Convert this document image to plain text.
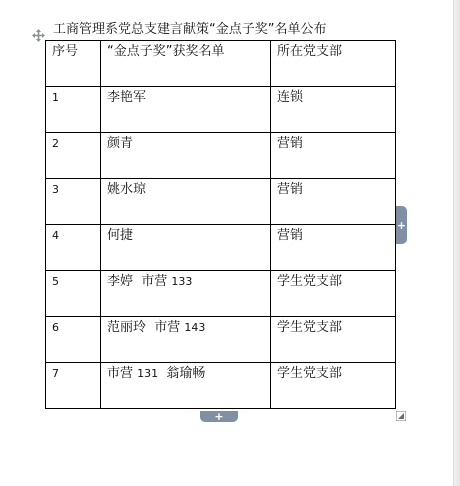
工商管理系党总支建言献策“金点子奖”名单公布
序号	“金点子奖”获奖名单	所在党支部
1	李艳军	连锁
2	颜青	营销
3	姚水琼	营销
4	何捷	营销
5	李婷  市营 133	学生党支部
6	范丽玲  市营 143	学生党支部
7	市营 131  翁瑜畅	学生党支部
+
+
